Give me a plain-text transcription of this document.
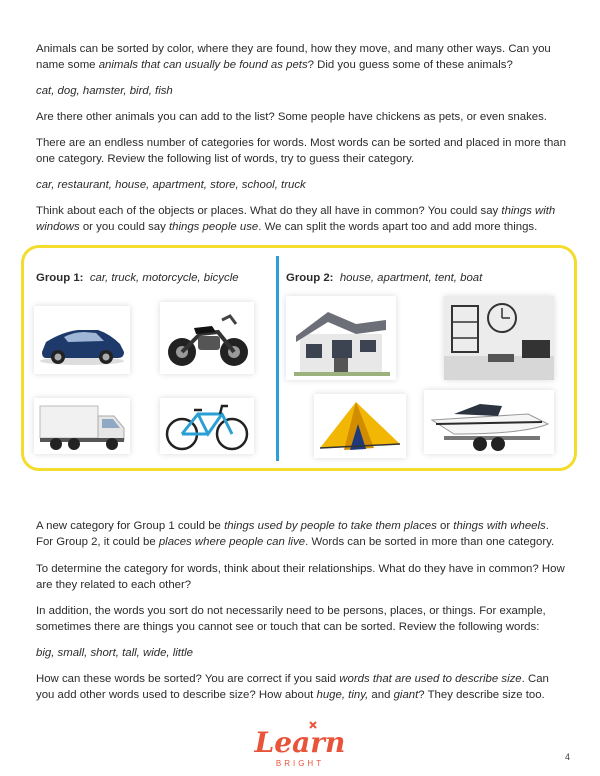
Animals can be sorted by color, where they are found, how they move, and many other ways. Can you name some animals that can usually be found as pets? Did you guess some of these animals?

cat, dog, hamster, bird, fish
Are there other animals you can add to the list? Some people have chickens as pets, or even snakes.
There are an endless number of categories for words. Most words can be sorted and placed in more than one category. Review the following list of words, try to guess their category.
car, restaurant, house, apartment, store, school, truck

Think about each of the objects or places. What do they all have in common? You could say things with windows or you could say things people use. We can split the words apart too and add more things.

Group 1: car, truck, motorcycle, bicycle	Group 2: house, apartment, tent, boat

A new category for Group 1 could be things used by people to take them places or things with wheels. For Group 2, it could be places where people can live. Words can be sorted in more than one category.

To determine the category for words, think about their relationships. What do they have in common? How are they related to each other?
In addition, the words you sort do not necessarily need to be persons, places, or things. For example, sometimes there are things you cannot see or touch that can be sorted. Review the following words:
big, small, short, tall, wide, little

How can these words be sorted? You are correct if you said words that are used to describe size. Can you add other words used to describe size? How about huge, tiny, and giant? They describe size too.

Learn
BRIGHT
4
